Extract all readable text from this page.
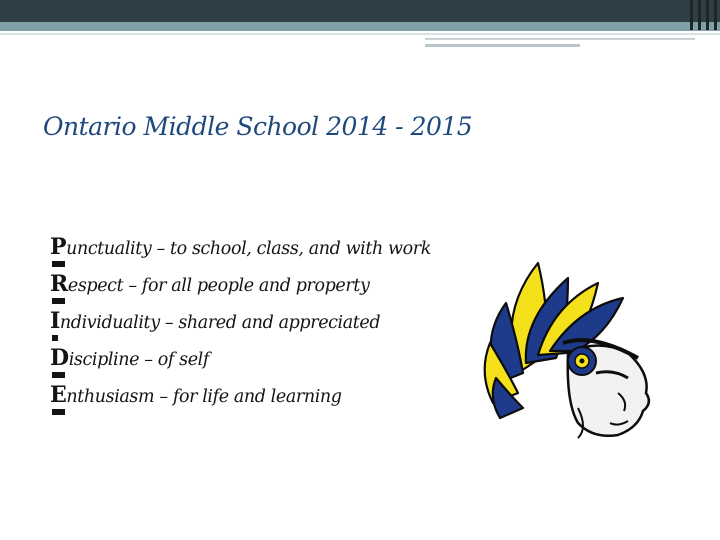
Ontario Middle School 2014 - 2015
Punctuality – to school, class, and with work
Respect – for all people and property
Individuality – shared and appreciated
Discipline – of self
Enthusiasm – for life and learning
